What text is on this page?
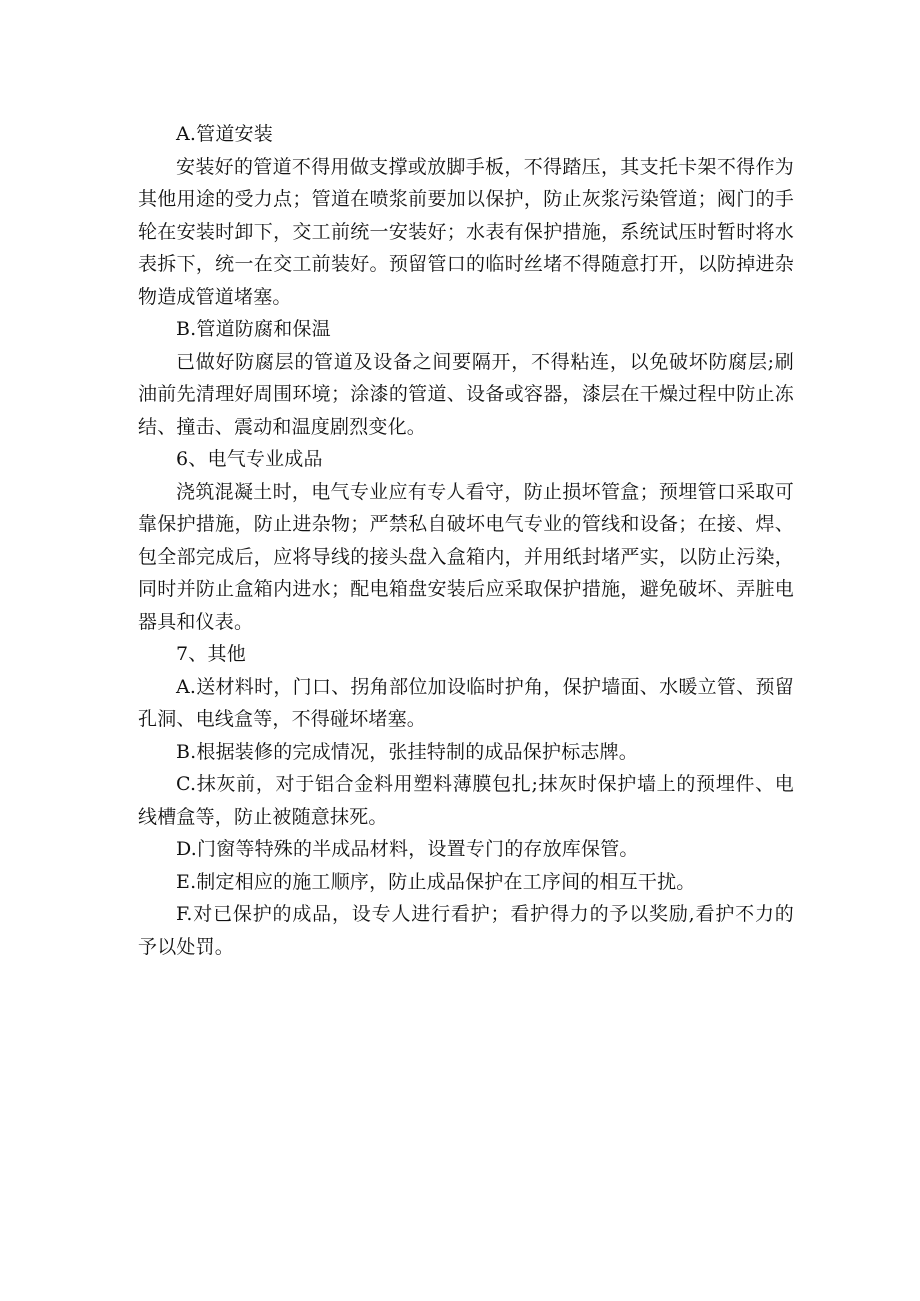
A.管道安装

安装好的管道不得用做支撑或放脚手板，不得踏压，其支托卡架不得作为其他用途的受力点；管道在喷浆前要加以保护，防止灰浆污染管道；阀门的手轮在安装时卸下，交工前统一安装好；水表有保护措施，系统试压时暂时将水表拆下，统一在交工前装好。预留管口的临时丝堵不得随意打开，以防掉进杂物造成管道堵塞。

B.管道防腐和保温

已做好防腐层的管道及设备之间要隔开，不得粘连，以免破坏防腐层;刷油前先清理好周围环境；涂漆的管道、设备或容器，漆层在干燥过程中防止冻结、撞击、震动和温度剧烈变化。

6、电气专业成品

浇筑混凝土时，电气专业应有专人看守，防止损坏管盒；预埋管口采取可靠保护措施，防止进杂物；严禁私自破坏电气专业的管线和设备；在接、焊、包全部完成后，应将导线的接头盘入盒箱内，并用纸封堵严实，以防止污染，同时并防止盒箱内进水；配电箱盘安装后应采取保护措施，避免破坏、弄脏电器具和仪表。

7、其他

A.送材料时，门口、拐角部位加设临时护角，保护墙面、水暖立管、预留孔洞、电线盒等，不得碰坏堵塞。

B.根据装修的完成情况，张挂特制的成品保护标志牌。

C.抹灰前，对于铝合金料用塑料薄膜包扎;抹灰时保护墙上的预埋件、电线槽盒等，防止被随意抹死。

D.门窗等特殊的半成品材料，设置专门的存放库保管。

E.制定相应的施工顺序，防止成品保护在工序间的相互干扰。

F.对已保护的成品，设专人进行看护；看护得力的予以奖励,看护不力的予以处罚。
